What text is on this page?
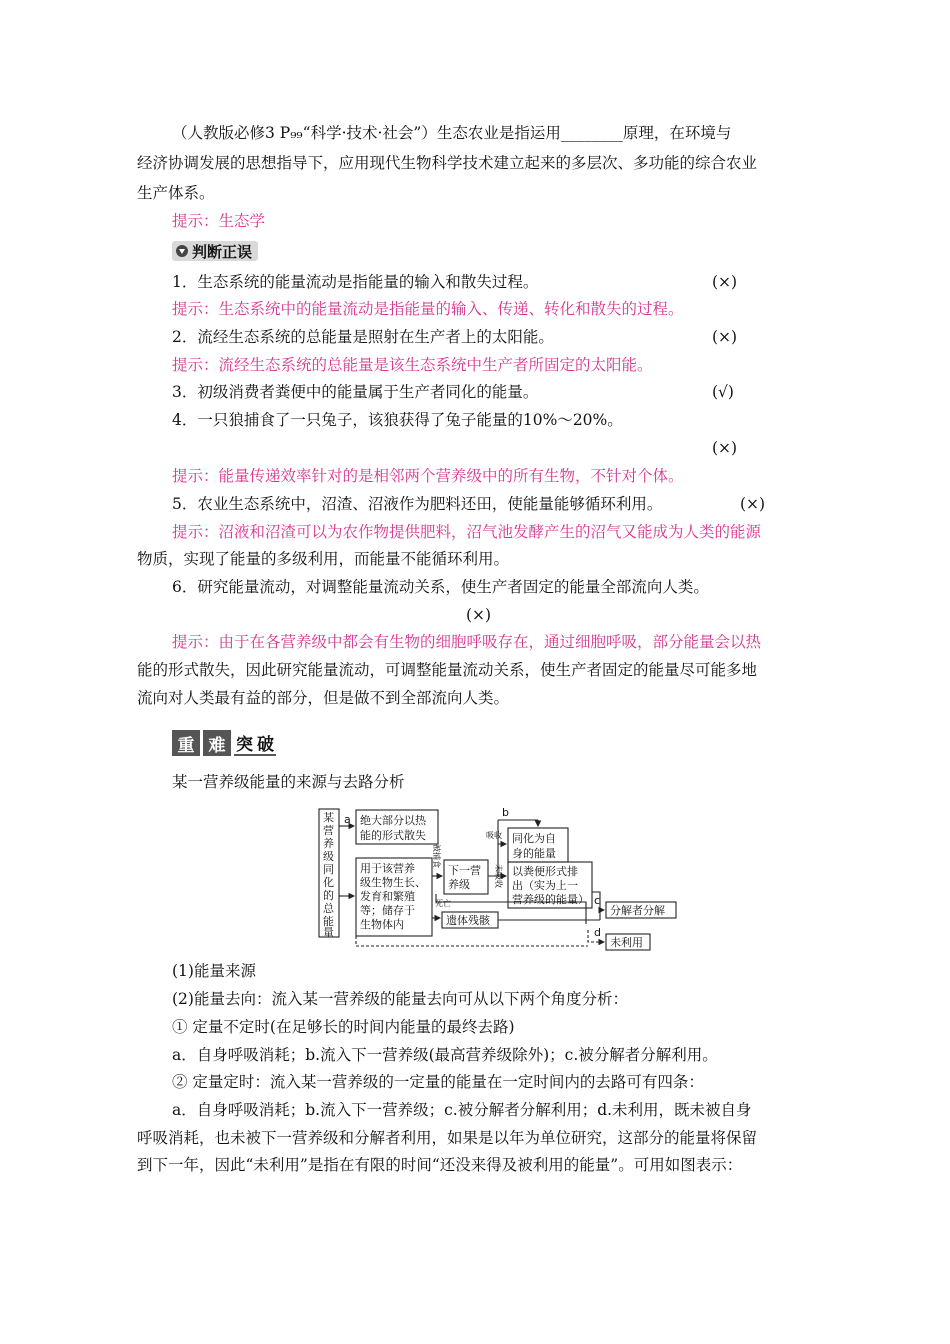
（人教版必修3 P₉₉“科学·技术·社会”）生态农业是指运用________原理，在环境与
经济协调发展的思想指导下，应用现代生物科学技术建立起来的多层次、多功能的综合农业
生产体系。
提示：生态学
判断正误
1．生态系统的能量流动是指能量的输入和散失过程。	(×)
提示：生态系统中的能量流动是指能量的输入、传递、转化和散失的过程。
2．流经生态系统的总能量是照射在生产者上的太阳能。	(×)
提示：流经生态系统的总能量是该生态系统中生产者所固定的太阳能。
3．初级消费者粪便中的能量属于生产者同化的能量。	(√)
4．一只狼捕食了一只兔子，该狼获得了兔子能量的10%～20%。
(×)
提示：能量传递效率针对的是相邻两个营养级中的所有生物，不针对个体。
5．农业生态系统中，沼渣、沼液作为肥料还田，使能量能够循环利用。	(×)
提示：沼液和沼渣可以为农作物提供肥料，沼气池发酵产生的沼气又能成为人类的能源
物质，实现了能量的多级利用，而能量不能循环利用。
6．研究能量流动，对调整能量流动关系，使生产者固定的能量全部流向人类。
(×)
提示：由于在各营养级中都会有生物的细胞呼吸存在，通过细胞呼吸，部分能量会以热
能的形式散失，因此研究能量流动，可调整能量流动关系，使生产者固定的能量尽可能多地
流向对人类最有益的部分，但是做不到全部流向人类。
重 难 突 破
某一营养级能量的来源与去路分析
某
营
养
级
同
化
的
总
能
量
a 绝大部分以热
能的形式散失
用于该营养
级生物生长、
发育和繁殖
等；储存于
生物体内
下一营
养级
b
同化为自
身的能量
以粪便形式排
出（实为上一
营养级的能量）
遗体残骸
c
分解者分解
d
未利用
被捕食
死亡
吸收
未吸收
(1)能量来源
(2)能量去向：流入某一营养级的能量去向可从以下两个角度分析：
① 定量不定时(在足够长的时间内能量的最终去路)
a．自身呼吸消耗；b.流入下一营养级(最高营养级除外)；c.被分解者分解利用。
② 定量定时：流入某一营养级的一定量的能量在一定时间内的去路可有四条：
a．自身呼吸消耗；b.流入下一营养级；c.被分解者分解利用；d.未利用，既未被自身
呼吸消耗，也未被下一营养级和分解者利用，如果是以年为单位研究，这部分的能量将保留
到下一年，因此“未利用”是指在有限的时间“还没来得及被利用的能量”。可用如图表示：
